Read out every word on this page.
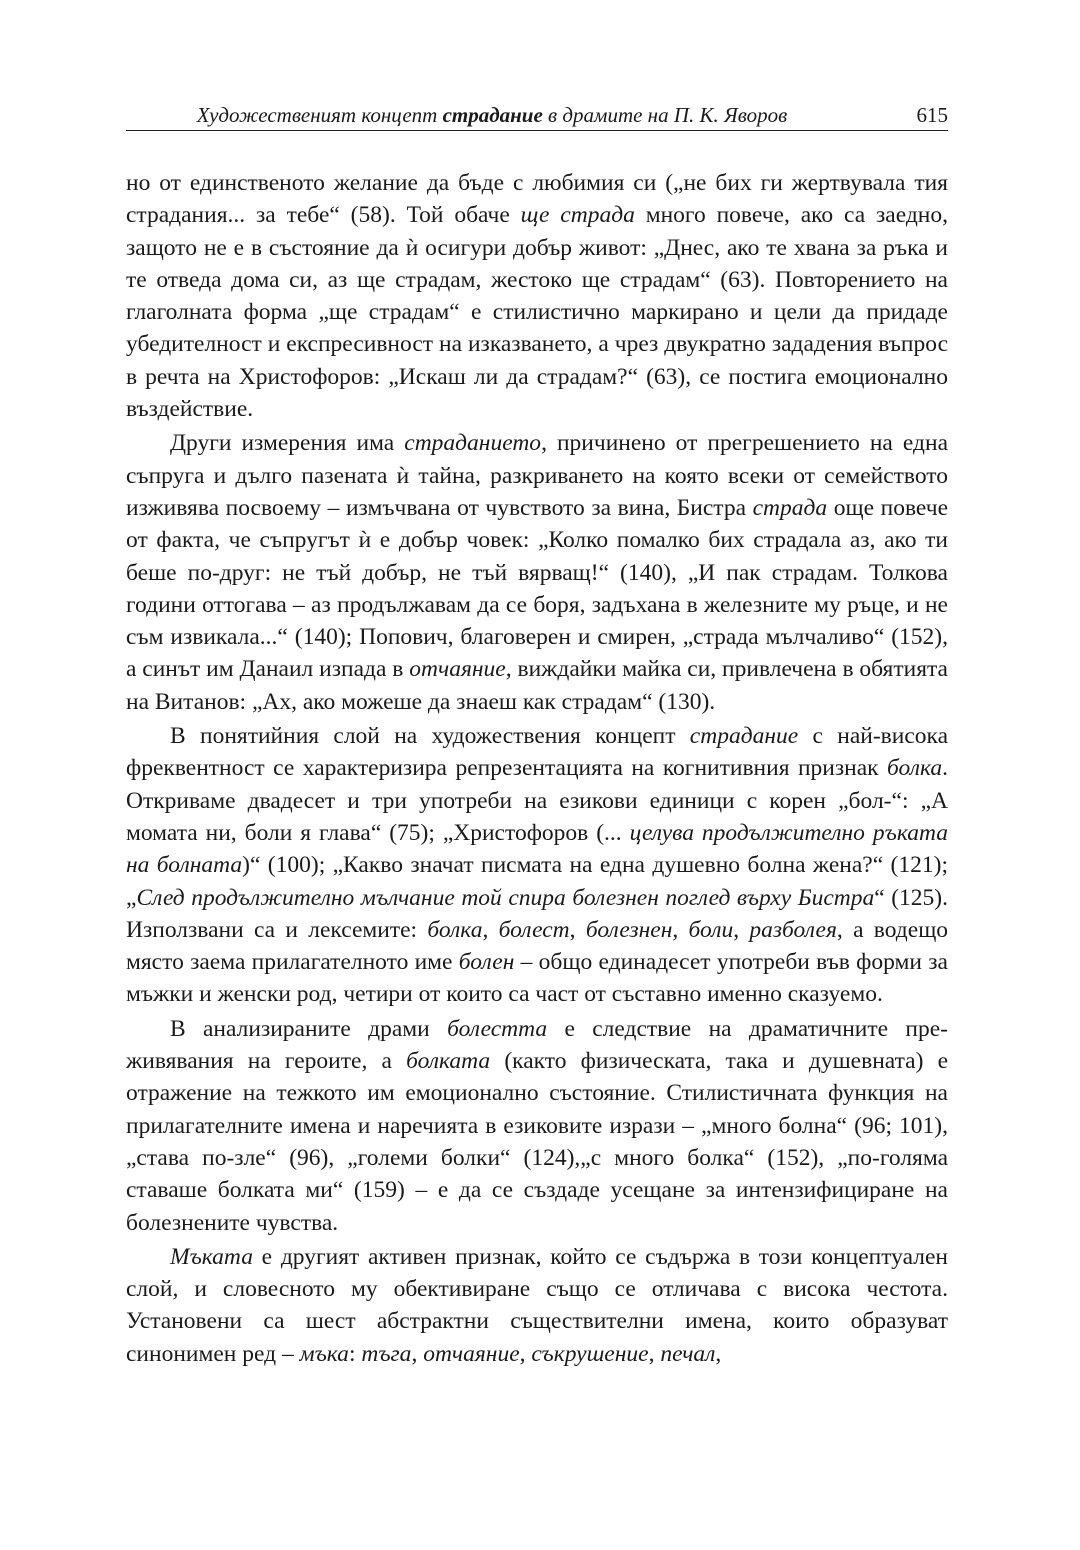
Художественият концепт страдание в драмите на П. К. Яворов	615

но от единственото желание да бъде с любимия си („не бих ги жертвувала тия страдания... за тебе“ (58). Той обаче ще страда много повече, ако са заедно, защото не е в състояние да ѝ осигури добър живот: „Днес, ако те хвана за ръка и те отведа дома си, аз ще страдам, жестоко ще страдам“ (63). Повторението на глаголната форма „ще страдам“ е стилистично маркирано и цели да придаде убедителност и експресивност на изказването, а чрез двукратно зададения въпрос в речта на Христофоров: „Искаш ли да страдам?“ (63), се постига емоционално въздействие.

Други измерения има страданието, причинено от прегрешението на една съпруга и дълго пазената ѝ тайна, разкриването на която всеки от семейството изживява посвоему – измъчвана от чувството за вина, Бистра страда още повече от факта, че съпругът ѝ е добър човек: „Колко помалко бих страдала аз, ако ти беше по-друг: не тъй добър, не тъй вярващ!“ (140), „И пак страдам. Толкова години оттогава – аз продължавам да се боря, задъхана в железните му ръце, и не съм извикала...“ (140); Попович, благоверен и смирен, „страда мълчаливо“ (152), а синът им Данаил изпада в отчаяние, виждайки майка си, привлечена в обятията на Витанов: „Ах, ако можеше да знаеш как страдам“ (130).

В понятийния слой на художествения концепт страдание с най-висока фреквентност се характеризира репрезентацията на когнитивния признак болка. Откриваме двадесет и три употреби на езикови единици с корен „бол-“: „А момата ни, боли я глава“ (75); „Христофоров (... целува продължително ръката на болната)“ (100); „Какво значат писмата на една душевно болна жена?“ (121); „След продължително мълчание той спира болезнен поглед върху Бистра“ (125). Използвани са и лексемите: болка, болест, болезнен, боли, разболея, а водещо място заема прилагателното име болен – общо единадесет употреби във форми за мъжки и женски род, четири от които са част от съставно именно сказуемо.

В анализираните драми болестта е следствие на драматичните преживявания на героите, а болката (както физическата, така и душевната) е отражение на тежкото им емоционално състояние. Стилистичната функция на прилагателните имена и наречията в езиковите изрази – „много болна“ (96; 101), „става по-зле“ (96), „големи болки“ (124),„с много болка“ (152), „по-голяма ставаше болката ми“ (159) – е да се създаде усещане за интензифициране на болезнените чувства.

Мъката е другият активен признак, който се съдържа в този концептуален слой, и словесното му обективиране също се отличава с висока честота. Установени са шест абстрактни съществителни имена, които образуват синонимен ред – мъка: тъга, отчаяние, съкрушение, печал,
